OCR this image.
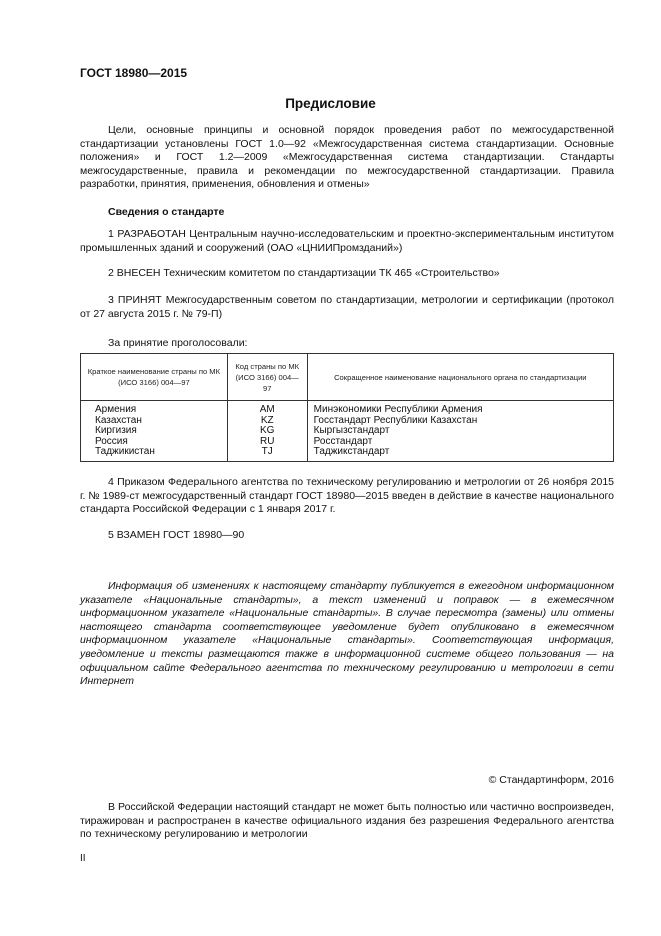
ГОСТ 18980—2015
Предисловие
Цели, основные принципы и основной порядок проведения работ по межгосударственной стандартизации установлены ГОСТ 1.0—92 «Межгосударственная система стандартизации. Основные положения» и ГОСТ 1.2—2009 «Межгосударственная система стандартизации. Стандарты межгосударственные, правила и рекомендации по межгосударственной стандартизации. Правила разработки, принятия, применения, обновления и отмены»
Сведения о стандарте
1 РАЗРАБОТАН Центральным научно-исследовательским и проектно-экспериментальным институтом промышленных зданий и сооружений (ОАО «ЦНИИПромзданий»)
2 ВНЕСЕН Техническим комитетом по стандартизации ТК 465 «Строительство»
3 ПРИНЯТ Межгосударственным советом по стандартизации, метрологии и сертификации (протокол от 27 августа 2015 г. № 79-П)
За принятие проголосовали:
Краткое наименование страны по МК (ИСО 3166) 004—97	Код страны по МК (ИСО 3166) 004—97	Сокращенное наименование национального органа по стандартизации
Армения	AM	Минэкономики Республики Армения
Казахстан	KZ	Госстандарт Республики Казахстан
Киргизия	KG	Кыргызстандарт
Россия	RU	Росстандарт
Таджикистан	TJ	Таджикстандарт
4 Приказом Федерального агентства по техническому регулированию и метрологии от 26 ноября 2015 г. № 1989-ст межгосударственный стандарт ГОСТ 18980—2015 введен в действие в качестве национального стандарта Российской Федерации с 1 января 2017 г.
5 ВЗАМЕН ГОСТ 18980—90
Информация об изменениях к настоящему стандарту публикуется в ежегодном информационном указателе «Национальные стандарты», а текст изменений и поправок — в ежемесячном информационном указателе «Национальные стандарты». В случае пересмотра (замены) или отмены настоящего стандарта соответствующее уведомление будет опубликовано в ежемесячном информационном указателе «Национальные стандарты». Соответствующая информация, уведомление и тексты размещаются также в информационной системе общего пользования — на официальном сайте Федерального агентства по техническому регулированию и метрологии в сети Интернет
© Стандартинформ, 2016
В Российской Федерации настоящий стандарт не может быть полностью или частично воспроизведен, тиражирован и распространен в качестве официального издания без разрешения Федерального агентства по техническому регулированию и метрологии
II
